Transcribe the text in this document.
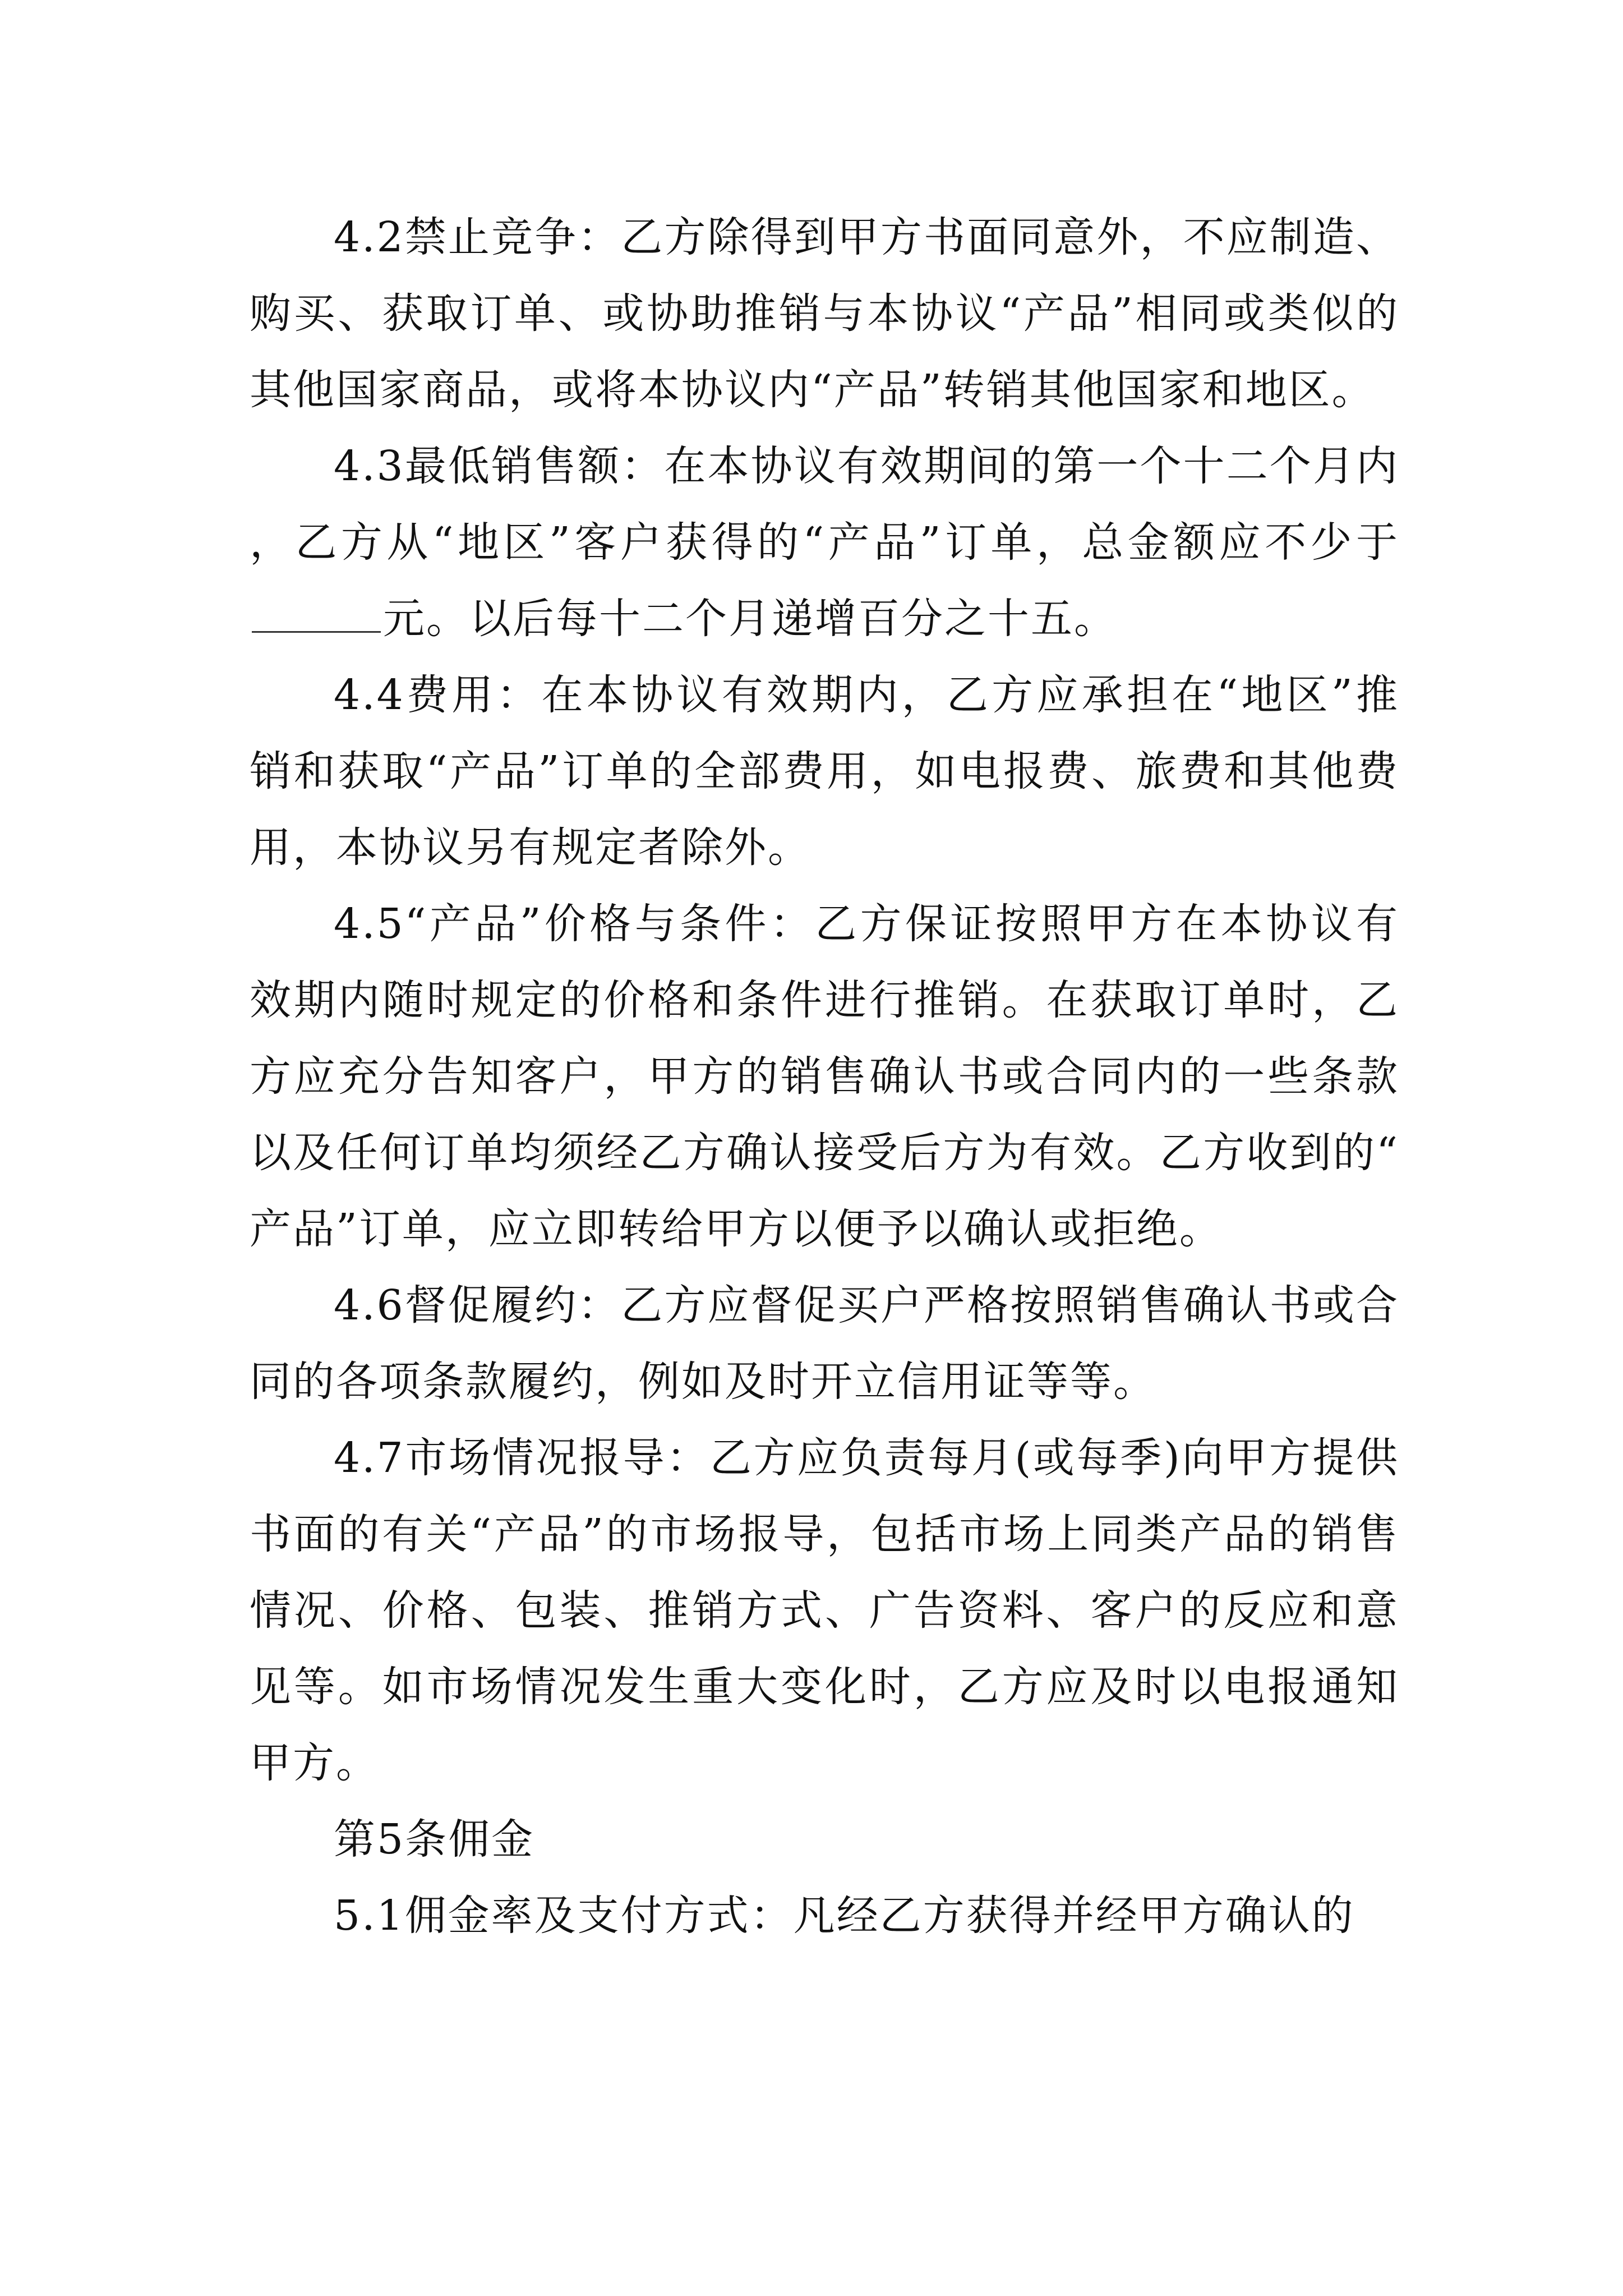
4.2禁止竞争：乙方除得到甲方书面同意外，不应制造、购买、获取订单、或协助推销与本协议“产品”相同或类似的其他国家商品，或将本协议内“产品”转销其他国家和地区。

4.3最低销售额：在本协议有效期间的第一个十二个月内，乙方从“地区”客户获得的“产品”订单，总金额应不少于元。以后每十二个月递增百分之十五。

4.4费用：在本协议有效期内，乙方应承担在“地区”推销和获取“产品”订单的全部费用，如电报费、旅费和其他费用，本协议另有规定者除外。

4.5“产品”价格与条件：乙方保证按照甲方在本协议有效期内随时规定的价格和条件进行推销。在获取订单时，乙方应充分告知客户，甲方的销售确认书或合同内的一些条款以及任何订单均须经乙方确认接受后方为有效。乙方收到的“产品”订单，应立即转给甲方以便予以确认或拒绝。

4.6督促履约：乙方应督促买户严格按照销售确认书或合同的各项条款履约，例如及时开立信用证等等。

4.7市场情况报导：乙方应负责每月(或每季)向甲方提供书面的有关“产品”的市场报导，包括市场上同类产品的销售情况、价格、包装、推销方式、广告资料、客户的反应和意见等。如市场情况发生重大变化时，乙方应及时以电报通知甲方。

第5条佣金

5.1佣金率及支付方式：凡经乙方获得并经甲方确认的
